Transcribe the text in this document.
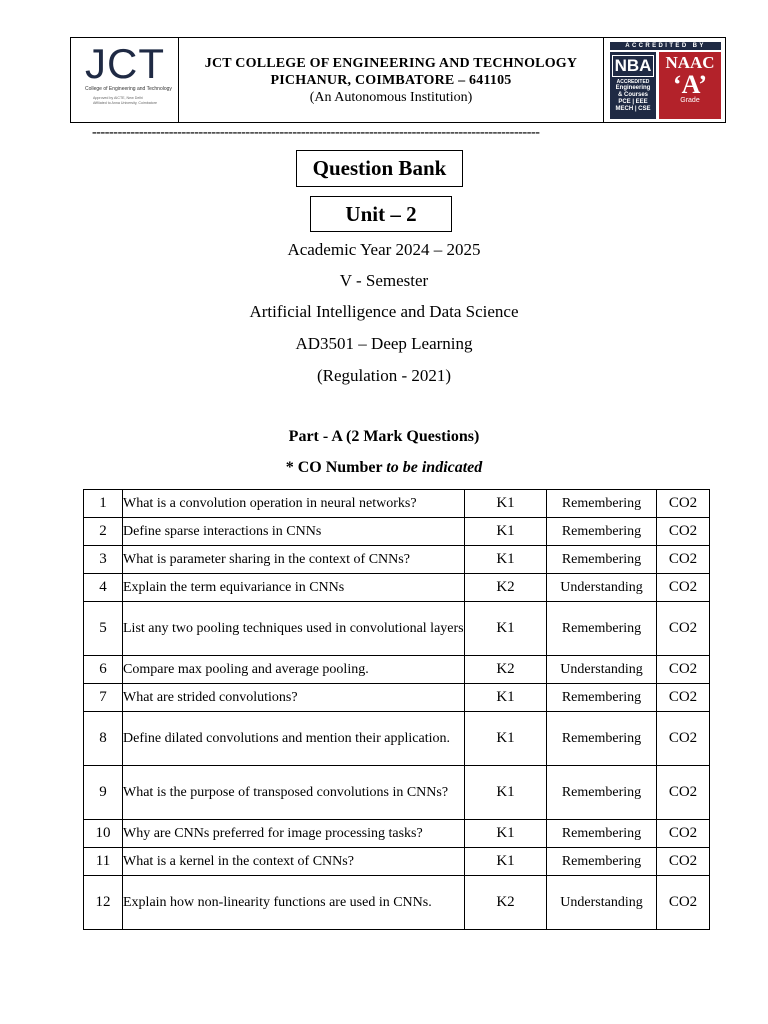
JCT
College of Engineering and Technology
Approved by AICTE, New Delhi
Affiliated to Anna University, Coimbatore
JCT COLLEGE OF ENGINEERING AND TECHNOLOGY
PICHANUR, COIMBATORE – 641105
(An Autonomous Institution)
ACCREDITED BY
NBA
ACCREDITED
Engineering
& Courses
PCE | EEE
MECH | CSE
NAAC
‘A’
Grade
---------------------------------------------------------------------------------------------------------
Question Bank
Unit – 2
Academic Year 2024 – 2025
V - Semester
Artificial Intelligence and Data Science
AD3501 – Deep Learning
(Regulation - 2021)
Part - A (2 Mark Questions)
* CO Number to be indicated
1	What is a convolution operation in neural networks?	K1	Remembering	CO2
2	Define sparse interactions in CNNs	K1	Remembering	CO2
3	What is parameter sharing in the context of CNNs?	K1	Remembering	CO2
4	Explain the term equivariance in CNNs	K2	Understanding	CO2
5	List any two pooling techniques used in convolutional layers	K1	Remembering	CO2
6	Compare max pooling and average pooling.	K2	Understanding	CO2
7	What are strided convolutions?	K1	Remembering	CO2
8	Define dilated convolutions and mention their application.	K1	Remembering	CO2
9	What is the purpose of transposed convolutions in CNNs?	K1	Remembering	CO2
10	Why are CNNs preferred for image processing tasks?	K1	Remembering	CO2
11	What is a kernel in the context of CNNs?	K1	Remembering	CO2
12	Explain how non-linearity functions are used in CNNs.	K2	Understanding	CO2
